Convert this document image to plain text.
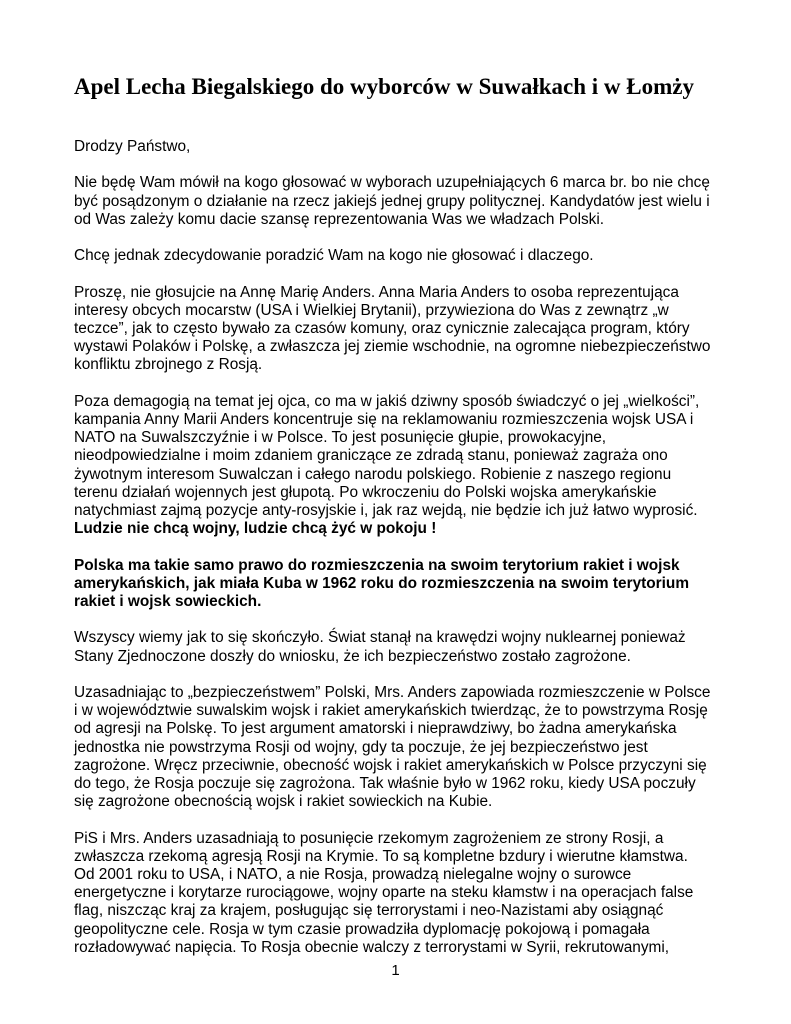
Apel Lecha Biegalskiego do wyborców w Suwałkach i w Łomży
Drodzy Państwo,
Nie będę Wam mówił na kogo głosować w wyborach uzupełniających 6 marca br. bo nie chcę
być posądzonym o działanie na rzecz jakiejś jednej grupy politycznej. Kandydatów jest wielu i
od Was zależy komu dacie szansę reprezentowania Was we władzach Polski.
Chcę jednak zdecydowanie poradzić Wam na kogo nie głosować i dlaczego.
Proszę, nie głosujcie na Annę Marię Anders. Anna Maria Anders to osoba reprezentująca
interesy obcych mocarstw (USA i Wielkiej Brytanii), przywieziona do Was z zewnątrz „w
teczce”, jak to często bywało za czasów komuny, oraz cynicznie zalecająca program, który
wystawi Polaków i Polskę, a zwłaszcza jej ziemie wschodnie, na ogromne niebezpieczeństwo
konfliktu zbrojnego z Rosją.
Poza demagogią na temat jej ojca, co ma w jakiś dziwny sposób świadczyć o jej „wielkości”,
kampania Anny Marii Anders koncentruje się na reklamowaniu rozmieszczenia wojsk USA i
NATO na Suwalszczyźnie i w Polsce. To jest posunięcie głupie, prowokacyjne,
nieodpowiedzialne i moim zdaniem graniczące ze zdradą stanu, ponieważ zagraża ono
żywotnym interesom Suwalczan i całego narodu polskiego. Robienie z naszego regionu
terenu działań wojennych jest głupotą. Po wkroczeniu do Polski wojska amerykańskie
natychmiast zajmą pozycje anty-rosyjskie i, jak raz wejdą, nie będzie ich już łatwo wyprosić.
Ludzie nie chcą wojny, ludzie chcą żyć w pokoju !
Polska ma takie samo prawo do rozmieszczenia na swoim terytorium rakiet i wojsk
amerykańskich, jak miała Kuba w 1962 roku do rozmieszczenia na swoim terytorium
rakiet i wojsk sowieckich.
Wszyscy wiemy jak to się skończyło. Świat stanął na krawędzi wojny nuklearnej ponieważ
Stany Zjednoczone doszły do wniosku, że ich bezpieczeństwo zostało zagrożone.
Uzasadniając to „bezpieczeństwem” Polski, Mrs. Anders zapowiada rozmieszczenie w Polsce
i w województwie suwalskim wojsk i rakiet amerykańskich twierdząc, że to powstrzyma Rosję
od agresji na Polskę. To jest argument amatorski i nieprawdziwy, bo żadna amerykańska
jednostka nie powstrzyma Rosji od wojny, gdy ta poczuje, że jej bezpieczeństwo jest
zagrożone. Wręcz przeciwnie, obecność wojsk i rakiet amerykańskich w Polsce przyczyni się
do tego, że Rosja poczuje się zagrożona. Tak właśnie było w 1962 roku, kiedy USA poczuły
się zagrożone obecnością wojsk i rakiet sowieckich na Kubie.
PiS i Mrs. Anders uzasadniają to posunięcie rzekomym zagrożeniem ze strony Rosji, a
zwłaszcza rzekomą agresją Rosji na Krymie. To są kompletne bzdury i wierutne kłamstwa.
Od 2001 roku to USA, i NATO, a nie Rosja, prowadzą nielegalne wojny o surowce
energetyczne i korytarze rurociągowe, wojny oparte na steku kłamstw i na operacjach false
flag, niszcząc kraj za krajem, posługując się terrorystami i neo-Nazistami aby osiągnąć
geopolityczne cele. Rosja w tym czasie prowadziła dyplomację pokojową i pomagała
rozładowywać napięcia. To Rosja obecnie walczy z terrorystami w Syrii, rekrutowanymi,
1
